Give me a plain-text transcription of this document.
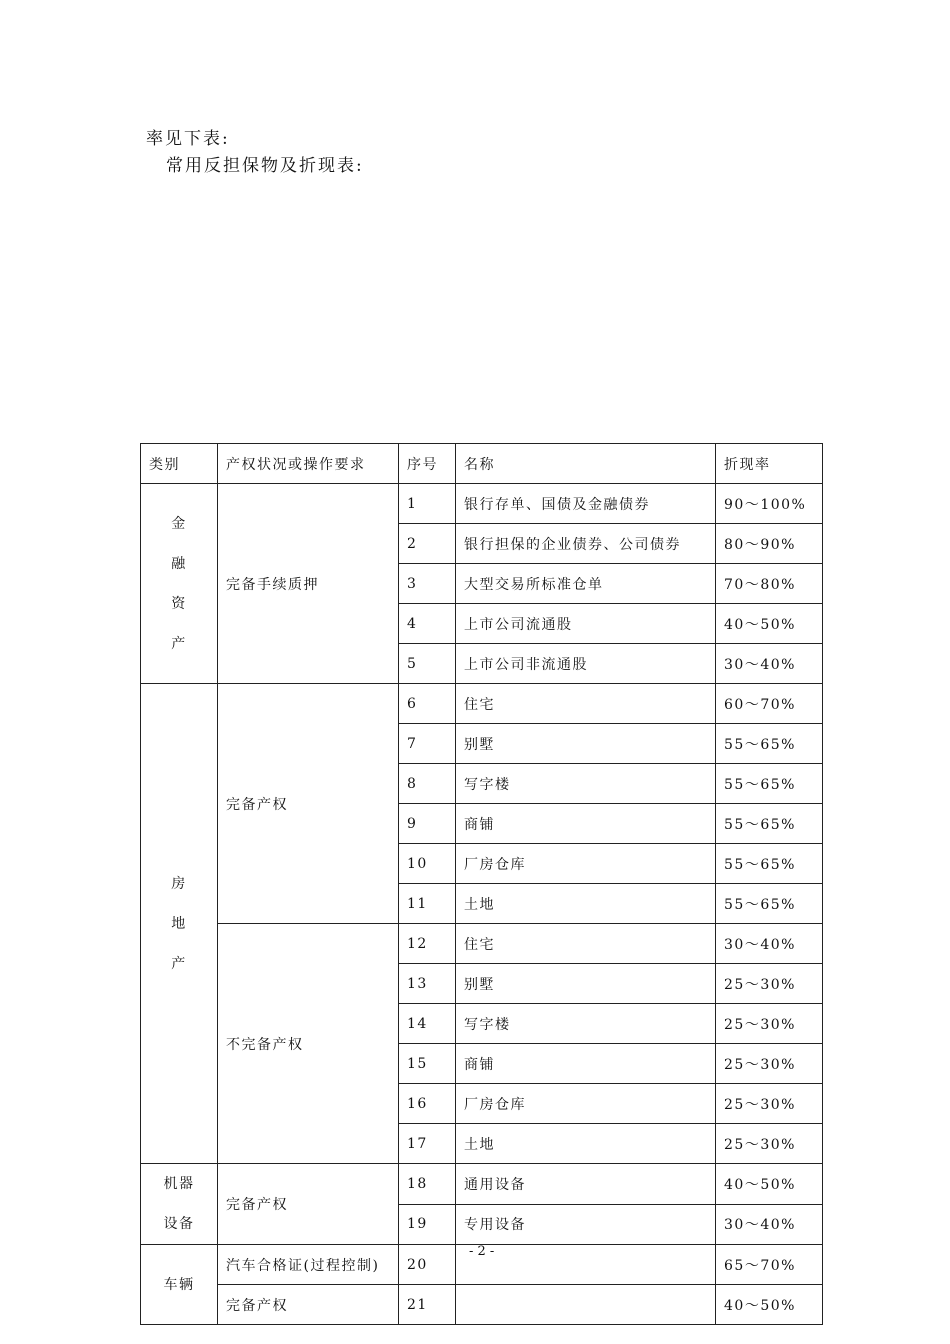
率见下表:
常用反担保物及折现表:
类别	产权状况或操作要求	序号	名称	折现率

金
融
资
产	完备手续质押	1	银行存单、国债及金融债券	90～100%
		2	银行担保的企业债券、公司债券	80～90%
		3	大型交易所标准仓单	70～80%
		4	上市公司流通股	40～50%
		5	上市公司非流通股	30～40%

房
地
产	完备产权	6	住宅	60～70%
		7	别墅	55～65%
		8	写字楼	55～65%
		9	商铺	55～65%
		10	厂房仓库	55～65%
		11	土地	55～65%
	不完备产权	12	住宅	30～40%
		13	别墅	25～30%
		14	写字楼	25～30%
		15	商铺	25～30%
		16	厂房仓库	25～30%
		17	土地	25～30%

机器
设备	完备产权	18	通用设备	40～50%
		19	专用设备	30～40%

车辆	汽车合格证(过程控制)	20		65～70%
	完备产权	21		40～50%
- 2 -
